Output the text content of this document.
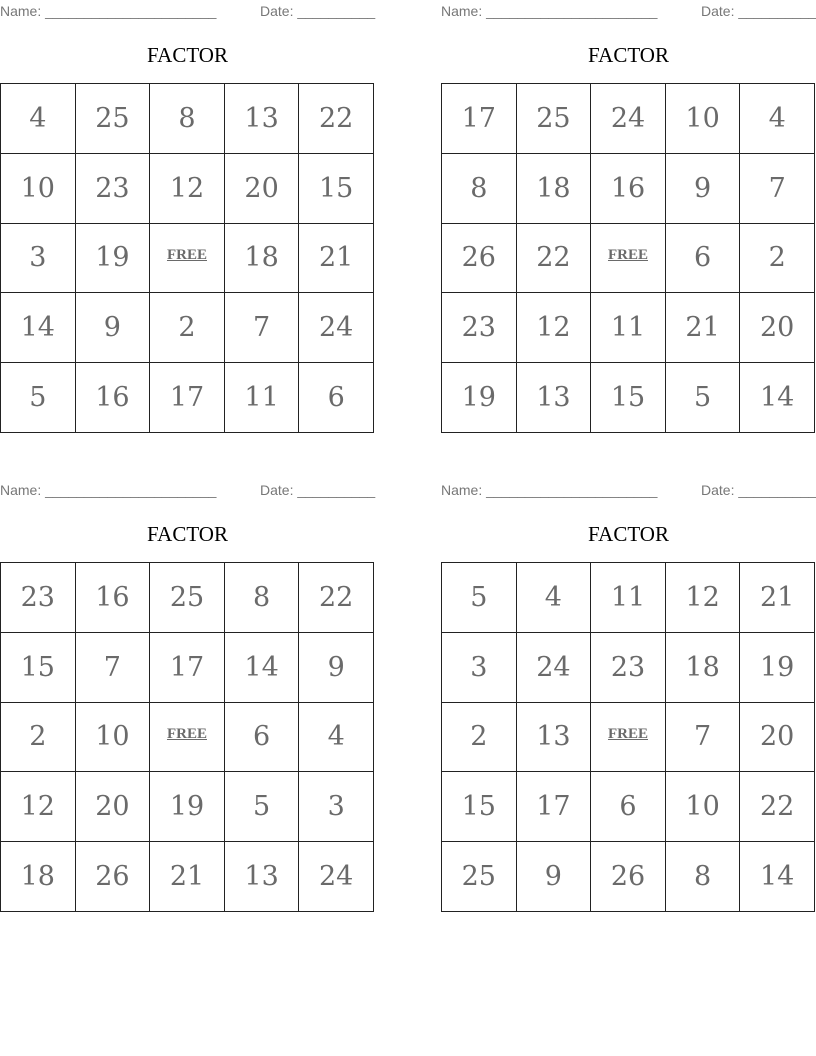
Name: ______________________	Date: __________
FACTOR
4	25	8	13	22
10	23	12	20	15
3	19	FREE	18	21
14	9	2	7	24
5	16	17	11	6
Name: ______________________	Date: __________
FACTOR
17	25	24	10	4
8	18	16	9	7
26	22	FREE	6	2
23	12	11	21	20
19	13	15	5	14
Name: ______________________	Date: __________
FACTOR
23	16	25	8	22
15	7	17	14	9
2	10	FREE	6	4
12	20	19	5	3
18	26	21	13	24
Name: ______________________	Date: __________
FACTOR
5	4	11	12	21
3	24	23	18	19
2	13	FREE	7	20
15	17	6	10	22
25	9	26	8	14
